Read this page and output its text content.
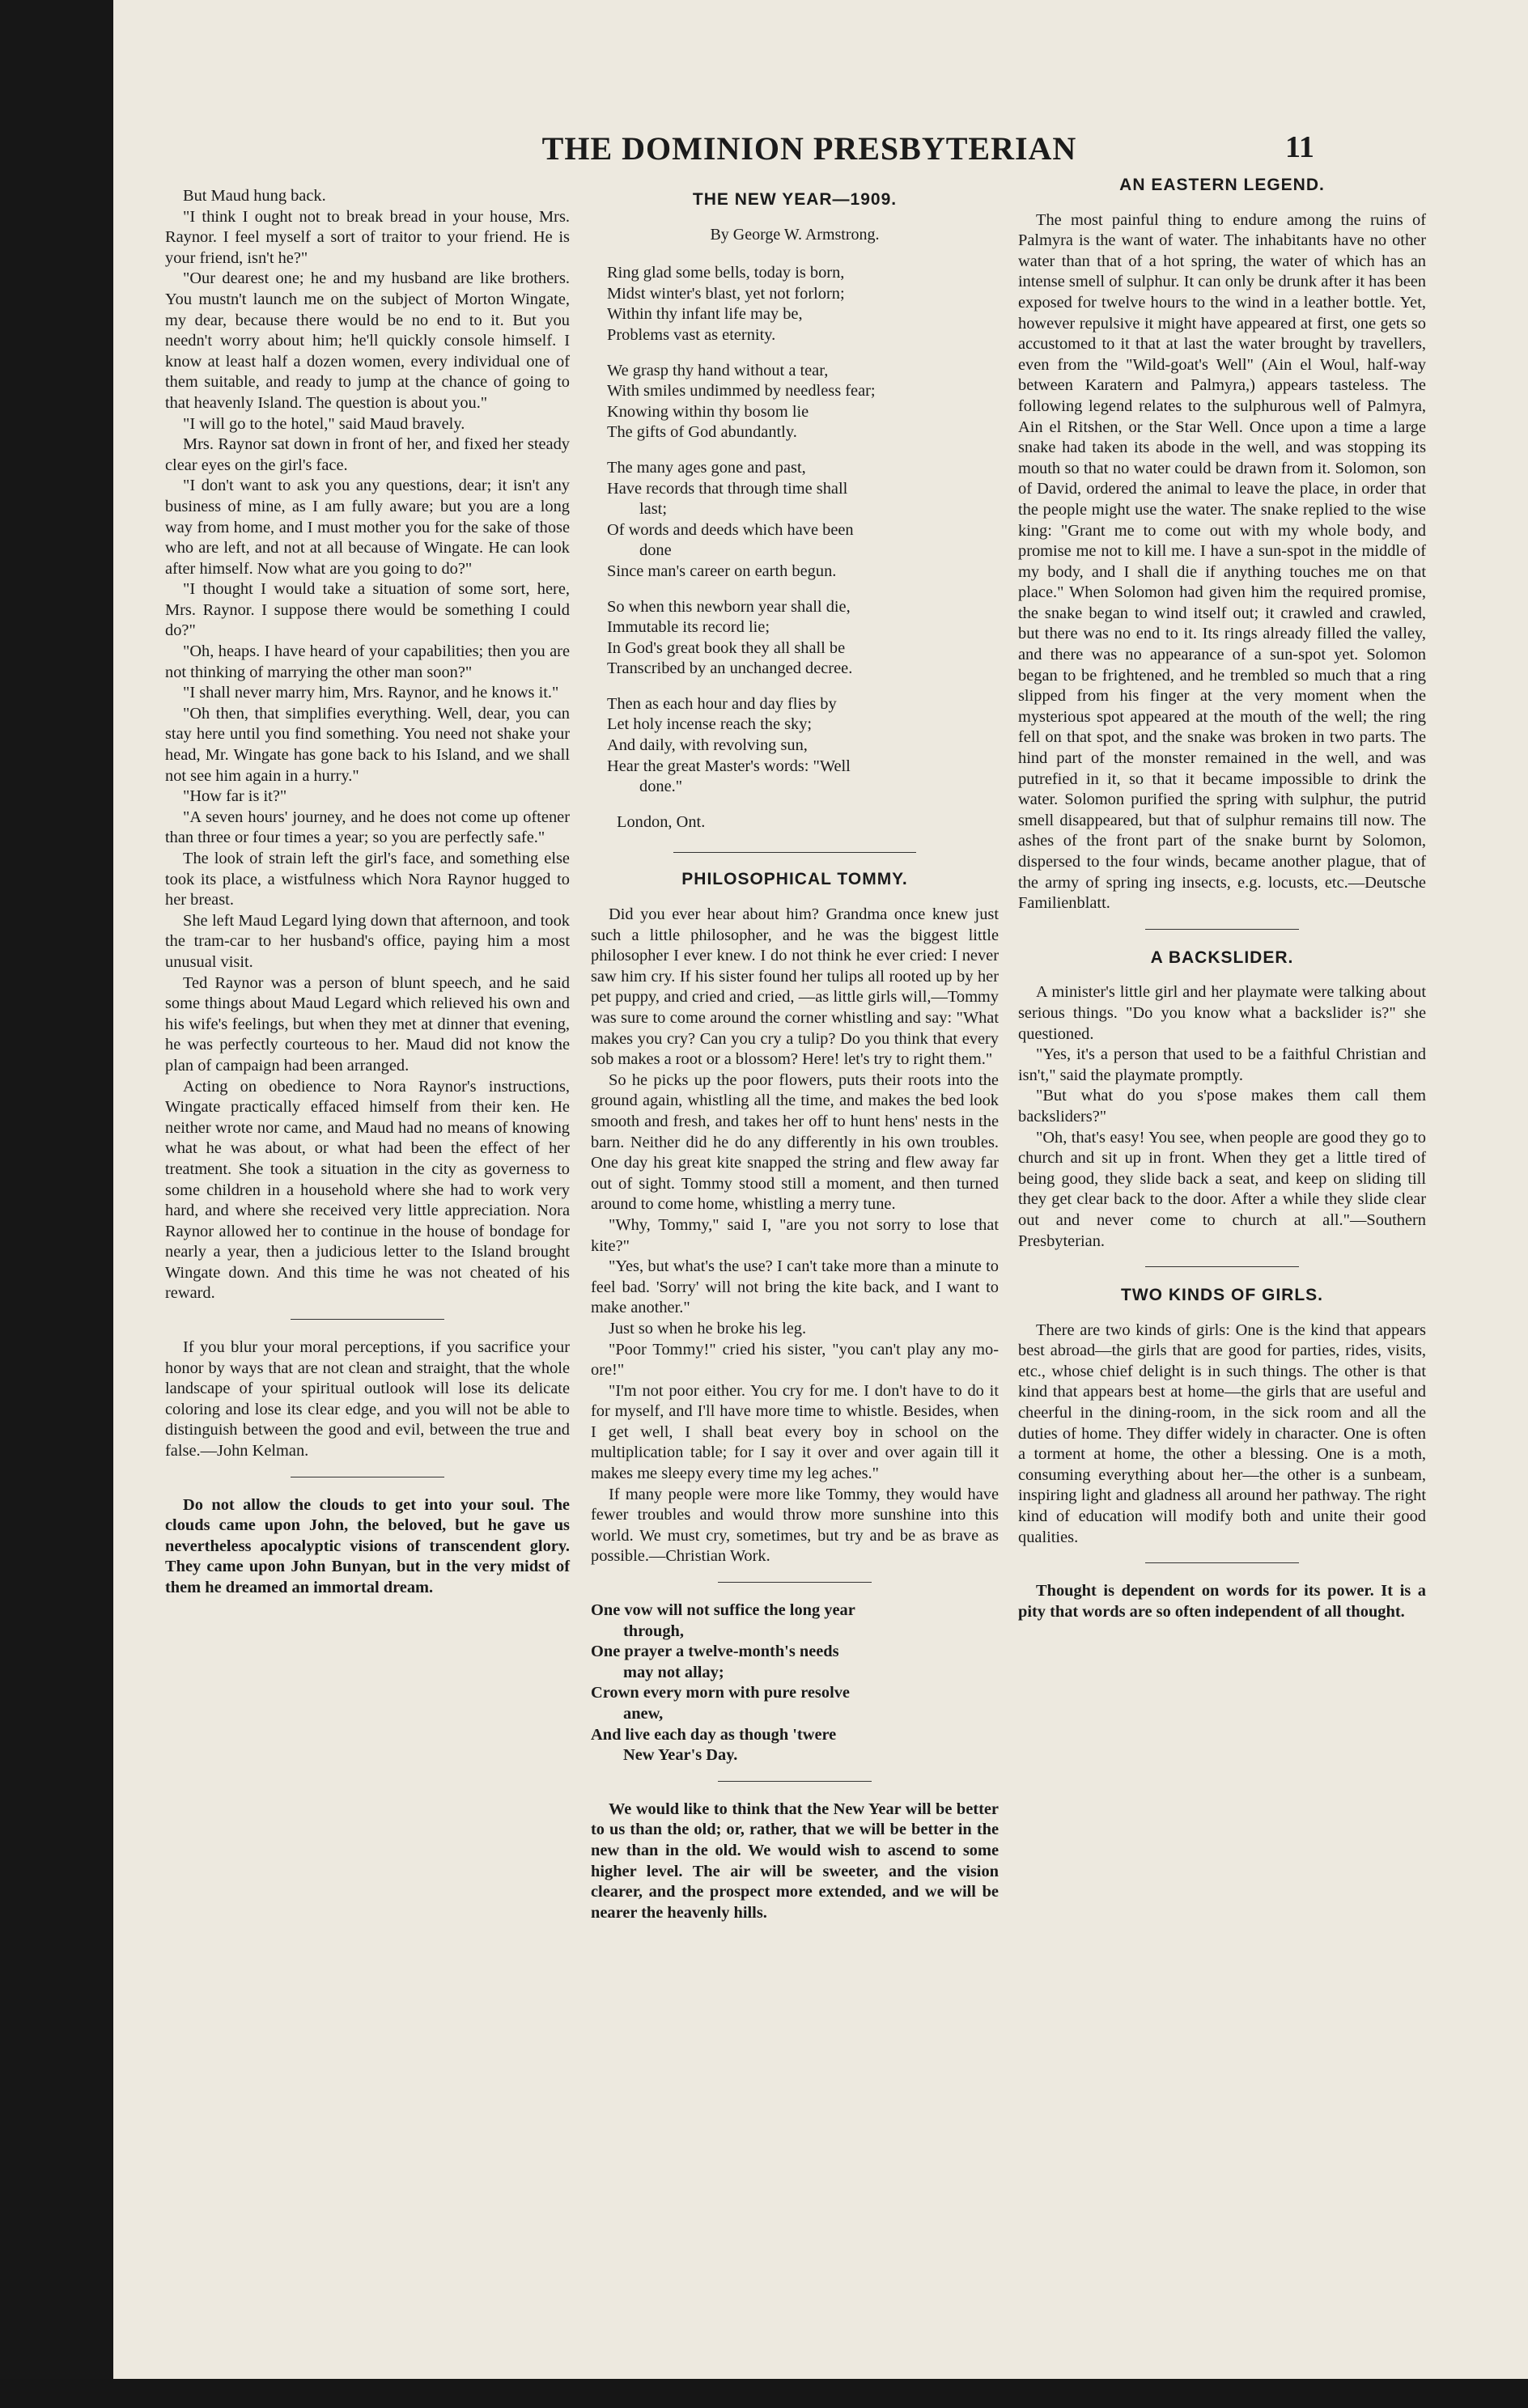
THE DOMINION PRESBYTERIAN	11

But Maud hung back.

"I think I ought not to break bread in your house, Mrs. Raynor. I feel myself a sort of traitor to your friend. He is your friend, isn't he?"

"Our dearest one; he and my husband are like brothers. You mustn't launch me on the subject of Morton Wingate, my dear, because there would be no end to it. But you needn't worry about him; he'll quickly console himself. I know at least half a dozen women, every individual one of them suitable, and ready to jump at the chance of going to that heavenly Island. The question is about you."

"I will go to the hotel," said Maud bravely.

Mrs. Raynor sat down in front of her, and fixed her steady clear eyes on the girl's face.

"I don't want to ask you any questions, dear; it isn't any business of mine, as I am fully aware; but you are a long way from home, and I must mother you for the sake of those who are left, and not at all because of Wingate. He can look after himself. Now what are you going to do?"

"I thought I would take a situation of some sort, here, Mrs. Raynor. I suppose there would be something I could do?"

"Oh, heaps. I have heard of your capabilities; then you are not thinking of marrying the other man soon?"

"I shall never marry him, Mrs. Raynor, and he knows it."

"Oh then, that simplifies everything. Well, dear, you can stay here until you find something. You need not shake your head, Mr. Wingate has gone back to his Island, and we shall not see him again in a hurry."

"How far is it?"

"A seven hours' journey, and he does not come up oftener than three or four times a year; so you are perfectly safe."

The look of strain left the girl's face, and something else took its place, a wistfulness which Nora Raynor hugged to her breast.

She left Maud Legard lying down that afternoon, and took the tram-car to her husband's office, paying him a most unusual visit.

Ted Raynor was a person of blunt speech, and he said some things about Maud Legard which relieved his own and his wife's feelings, but when they met at dinner that evening, he was perfectly courteous to her. Maud did not know the plan of campaign had been arranged.

Acting on obedience to Nora Raynor's instructions, Wingate practically effaced himself from their ken. He neither wrote nor came, and Maud had no means of knowing what he was about, or what had been the effect of her treatment. She took a situation in the city as governess to some children in a household where she had to work very hard, and where she received very little appreciation. Nora Raynor allowed her to continue in the house of bondage for nearly a year, then a judicious letter to the Island brought Wingate down. And this time he was not cheated of his reward.

If you blur your moral perceptions, if you sacrifice your honor by ways that are not clean and straight, that the whole landscape of your spiritual outlook will lose its delicate coloring and lose its clear edge, and you will not be able to distinguish between the good and evil, between the true and false.—John Kelman.

Do not allow the clouds to get into your soul. The clouds came upon John, the beloved, but he gave us nevertheless apocalyptic visions of transcendent glory. They came upon John Bunyan, but in the very midst of them he dreamed an immortal dream.

THE NEW YEAR—1909.
By George W. Armstrong.
Ring glad some bells, today is born,
Midst winter's blast, yet not forlorn;
Within thy infant life may be,
Problems vast as eternity.
We grasp thy hand without a tear,
With smiles undimmed by needless fear;
Knowing within thy bosom lie
The gifts of God abundantly.
The many ages gone and past,
Have records that through time shall
last;
Of words and deeds which have been
done
Since man's career on earth begun.
So when this newborn year shall die,
Immutable its record lie;
In God's great book they all shall be
Transcribed by an unchanged decree.
Then as each hour and day flies by
Let holy incense reach the sky;
And daily, with revolving sun,
Hear the great Master's words: "Well
done."
London, Ont.
PHILOSOPHICAL TOMMY.

Did you ever hear about him? Grandma once knew just such a little philosopher, and he was the biggest little philosopher I ever knew. I do not think he ever cried: I never saw him cry. If his sister found her tulips all rooted up by her pet puppy, and cried and cried, —as little girls will,—Tommy was sure to come around the corner whistling and say: "What makes you cry? Can you cry a tulip? Do you think that every sob makes a root or a blossom? Here! let's try to right them."

So he picks up the poor flowers, puts their roots into the ground again, whistling all the time, and makes the bed look smooth and fresh, and takes her off to hunt hens' nests in the barn. Neither did he do any differently in his own troubles. One day his great kite snapped the string and flew away far out of sight. Tommy stood still a moment, and then turned around to come home, whistling a merry tune.

"Why, Tommy," said I, "are you not sorry to lose that kite?"

"Yes, but what's the use? I can't take more than a minute to feel bad. 'Sorry' will not bring the kite back, and I want to make another."

Just so when he broke his leg.

"Poor Tommy!" cried his sister, "you can't play any mo-ore!"

"I'm not poor either. You cry for me. I don't have to do it for myself, and I'll have more time to whistle. Besides, when I get well, I shall beat every boy in school on the multiplication table; for I say it over and over again till it makes me sleepy every time my leg aches."

If many people were more like Tommy, they would have fewer troubles and would throw more sunshine into this world. We must cry, sometimes, but try and be as brave as possible.—Christian Work.

One vow will not suffice the long year
through,
One prayer a twelve-month's needs
may not allay;
Crown every morn with pure resolve
anew,
And live each day as though 'twere
New Year's Day.

We would like to think that the New Year will be better to us than the old; or, rather, that we will be better in the new than in the old. We would wish to ascend to some higher level. The air will be sweeter, and the vision clearer, and the prospect more extended, and we will be nearer the heavenly hills.

AN EASTERN LEGEND.

The most painful thing to endure among the ruins of Palmyra is the want of water. The inhabitants have no other water than that of a hot spring, the water of which has an intense smell of sulphur. It can only be drunk after it has been exposed for twelve hours to the wind in a leather bottle. Yet, however repulsive it might have appeared at first, one gets so accustomed to it that at last the water brought by travellers, even from the "Wild-goat's Well" (Ain el Woul, half-way between Karatern and Palmyra,) appears tasteless. The following legend relates to the sulphurous well of Palmyra, Ain el Ritshen, or the Star Well. Once upon a time a large snake had taken its abode in the well, and was stopping its mouth so that no water could be drawn from it. Solomon, son of David, ordered the animal to leave the place, in order that the people might use the water. The snake replied to the wise king: "Grant me to come out with my whole body, and promise me not to kill me. I have a sun-spot in the middle of my body, and I shall die if anything touches me on that place." When Solomon had given him the required promise, the snake began to wind itself out; it crawled and crawled, but there was no end to it. Its rings already filled the valley, and there was no appearance of a sun-spot yet. Solomon began to be frightened, and he trembled so much that a ring slipped from his finger at the very moment when the mysterious spot appeared at the mouth of the well; the ring fell on that spot, and the snake was broken in two parts. The hind part of the monster remained in the well, and was putrefied in it, so that it became impossible to drink the water. Solomon purified the spring with sulphur, the putrid smell disappeared, but that of sulphur remains till now. The ashes of the front part of the snake burnt by Solomon, dispersed to the four winds, became another plague, that of the army of spring ing insects, e.g. locusts, etc.—Deutsche Familienblatt.

A BACKSLIDER.

A minister's little girl and her playmate were talking about serious things. "Do you know what a backslider is?" she questioned.

"Yes, it's a person that used to be a faithful Christian and isn't," said the playmate promptly.

"But what do you s'pose makes them call them backsliders?"

"Oh, that's easy! You see, when people are good they go to church and sit up in front. When they get a little tired of being good, they slide back a seat, and keep on sliding till they get clear back to the door. After a while they slide clear out and never come to church at all."—Southern Presbyterian.

TWO KINDS OF GIRLS.

There are two kinds of girls: One is the kind that appears best abroad—the girls that are good for parties, rides, visits, etc., whose chief delight is in such things. The other is that kind that appears best at home—the girls that are useful and cheerful in the dining-room, in the sick room and all the duties of home. They differ widely in character. One is often a torment at home, the other a blessing. One is a moth, consuming everything about her—the other is a sunbeam, inspiring light and gladness all around her pathway. The right kind of education will modify both and unite their good qualities.

Thought is dependent on words for its power. It is a pity that words are so often independent of all thought.
